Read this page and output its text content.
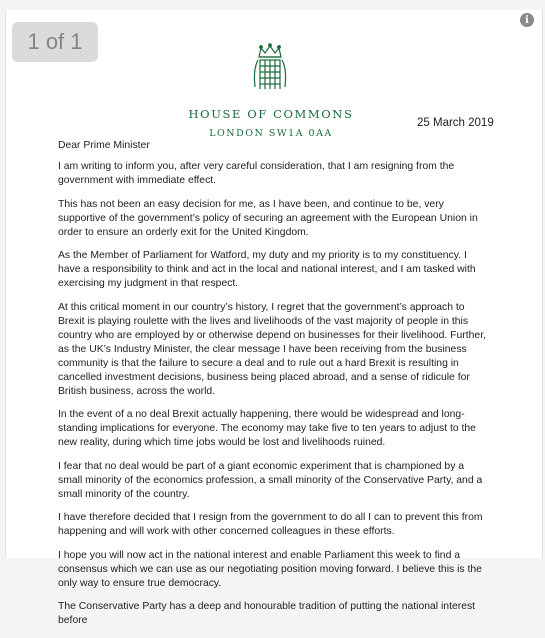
HOUSE OF COMMONS
LONDON SW1A 0AA
25 March 2019

Dear Prime Minister

I am writing to inform you, after very careful consideration, that I am resigning from the government with immediate effect.

This has not been an easy decision for me, as I have been, and continue to be, very supportive of the government’s policy of securing an agreement with the European Union in order to ensure an orderly exit for the United Kingdom.

As the Member of Parliament for Watford, my duty and my priority is to my constituency. I have a responsibility to think and act in the local and national interest, and I am tasked with exercising my judgment in that respect.

At this critical moment in our country’s history, I regret that the government’s approach to Brexit is playing roulette with the lives and livelihoods of the vast majority of people in this country who are employed by or otherwise depend on businesses for their livelihood. Further, as the UK’s Industry Minister, the clear message I have been receiving from the business community is that the failure to secure a deal and to rule out a hard Brexit is resulting in cancelled investment decisions, business being placed abroad, and a sense of ridicule for British business, across the world.

In the event of a no deal Brexit actually happening, there would be widespread and long-standing implications for everyone. The economy may take five to ten years to adjust to the new reality, during which time jobs would be lost and livelihoods ruined.

I fear that no deal would be part of a giant economic experiment that is championed by a small minority of the economics profession, a small minority of the Conservative Party, and a small minority of the country.

I have therefore decided that I resign from the government to do all I can to prevent this from happening and will work with other concerned colleagues in these efforts.

I hope you will now act in the national interest and enable Parliament this week to find a consensus which we can use as our negotiating position moving forward. I believe this is the only way to ensure true democracy.

The Conservative Party has a deep and honourable tradition of putting the national interest before

1 of 1
i
